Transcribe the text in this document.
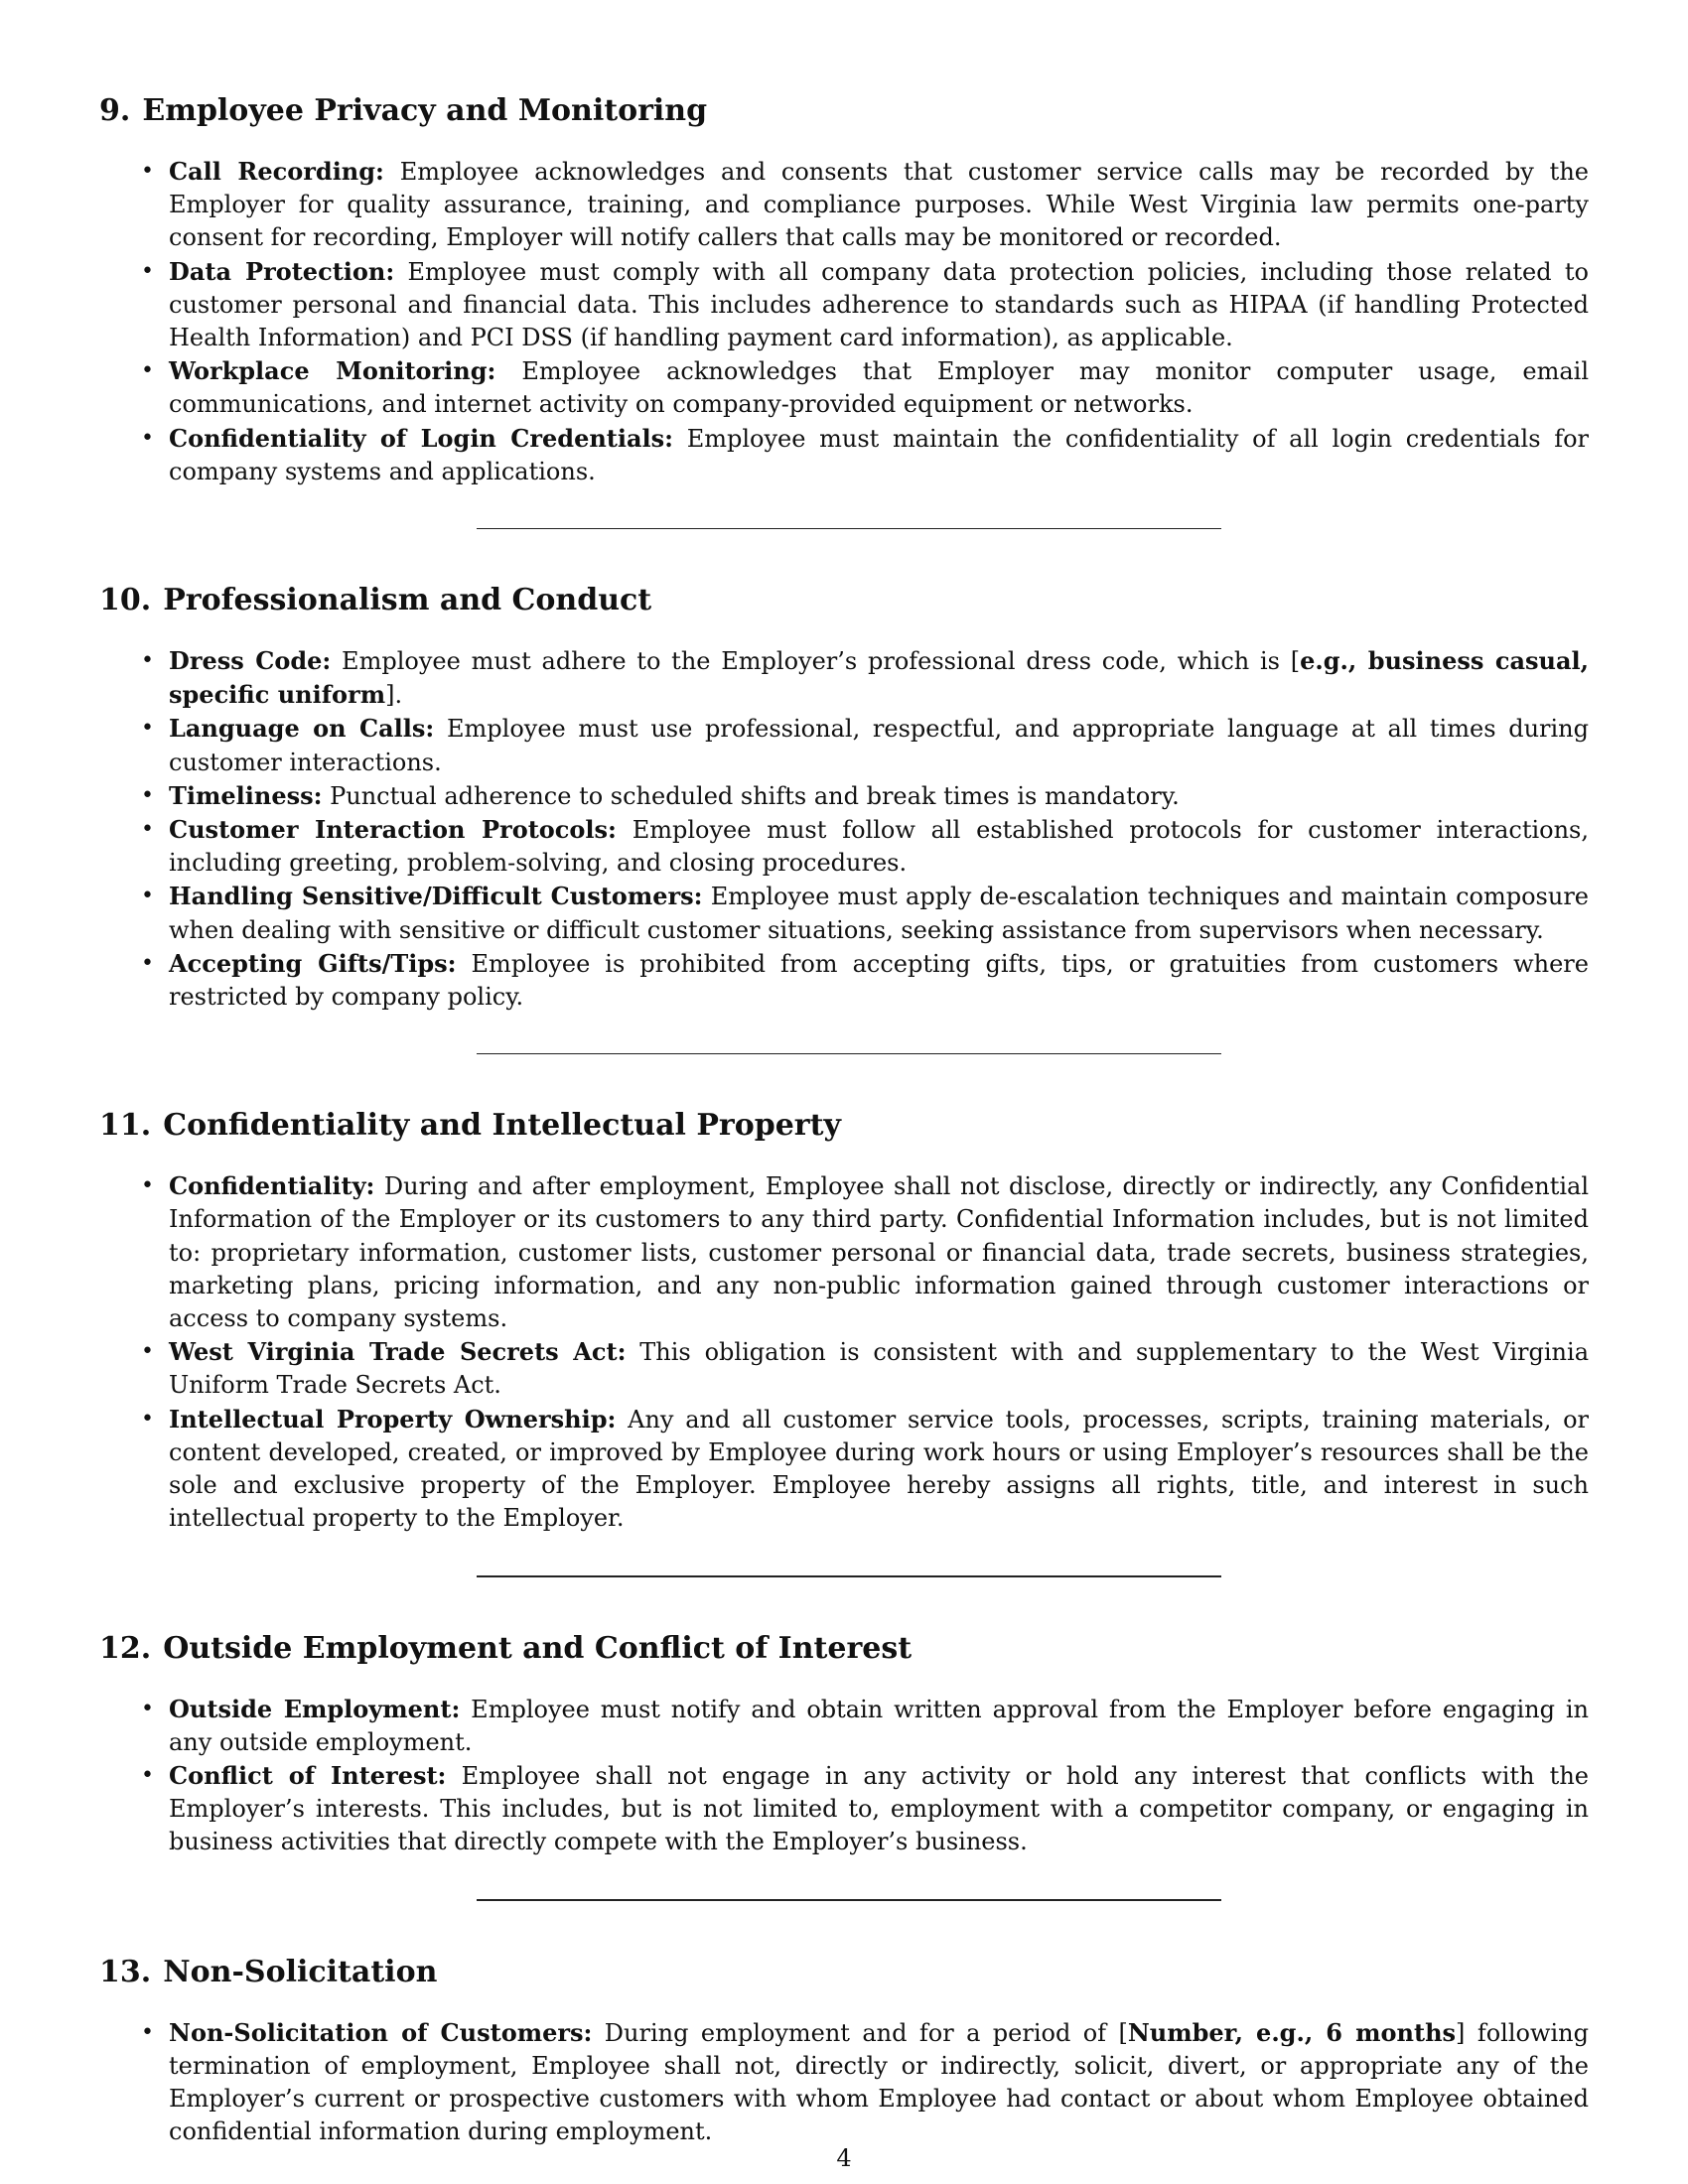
9. Employee Privacy and Monitoring
• Call Recording: Employee acknowledges and consents that customer service calls may be recorded by the Employer for quality assurance, training, and compliance purposes. While West Virginia law permits one-party consent for recording, Employer will notify callers that calls may be monitored or recorded.
• Data Protection: Employee must comply with all company data protection policies, including those related to customer personal and financial data. This includes adherence to standards such as HIPAA (if handling Protected Health Information) and PCI DSS (if handling payment card information), as applicable.
• Workplace Monitoring: Employee acknowledges that Employer may monitor computer usage, email communications, and internet activity on company-provided equipment or networks.
• Confidentiality of Login Credentials: Employee must maintain the confidentiality of all login credentials for company systems and applications.
10. Professionalism and Conduct
• Dress Code: Employee must adhere to the Employer’s professional dress code, which is [e.g., business casual, specific uniform].
• Language on Calls: Employee must use professional, respectful, and appropriate language at all times during customer interactions.
• Timeliness: Punctual adherence to scheduled shifts and break times is mandatory.
• Customer Interaction Protocols: Employee must follow all established protocols for customer interactions, including greeting, problem-solving, and closing procedures.
• Handling Sensitive/Difficult Customers: Employee must apply de-escalation techniques and maintain composure when dealing with sensitive or difficult customer situations, seeking assistance from supervisors when necessary.
• Accepting Gifts/Tips: Employee is prohibited from accepting gifts, tips, or gratuities from customers where restricted by company policy.
11. Confidentiality and Intellectual Property
• Confidentiality: During and after employment, Employee shall not disclose, directly or indirectly, any Confidential Information of the Employer or its customers to any third party. Confidential Information includes, but is not limited to: proprietary information, customer lists, customer personal or financial data, trade secrets, business strategies, marketing plans, pricing information, and any non-public information gained through customer interactions or access to company systems.
• West Virginia Trade Secrets Act: This obligation is consistent with and supplementary to the West Virginia Uniform Trade Secrets Act.
• Intellectual Property Ownership: Any and all customer service tools, processes, scripts, training materials, or content developed, created, or improved by Employee during work hours or using Employer’s resources shall be the sole and exclusive property of the Employer. Employee hereby assigns all rights, title, and interest in such intellectual property to the Employer.
12. Outside Employment and Conflict of Interest
• Outside Employment: Employee must notify and obtain written approval from the Employer before engaging in any outside employment.
• Conflict of Interest: Employee shall not engage in any activity or hold any interest that conflicts with the Employer’s interests. This includes, but is not limited to, employment with a competitor company, or engaging in business activities that directly compete with the Employer’s business.
13. Non-Solicitation
• Non-Solicitation of Customers: During employment and for a period of [Number, e.g., 6 months] following termination of employment, Employee shall not, directly or indirectly, solicit, divert, or appropriate any of the Employer’s current or prospective customers with whom Employee had contact or about whom Employee obtained confidential information during employment.
4
